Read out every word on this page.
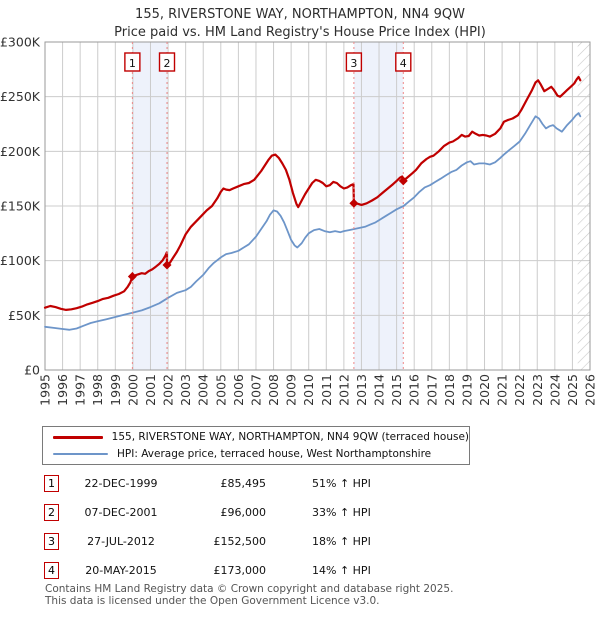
155, RIVERSTONE WAY, NORTHAMPTON, NN4 9QW
Price paid vs. HM Land Registry's House Price Index (HPI)
1	2	3	4
£0
£50K
£100K
£150K
£200K
£250K
£300K
1995 1996 1997 1998 1999 2000 2001 2002 2003 2004 2005 2006 2007 2008 2009 2010 2011 2012 2013 2014 2015 2016 2017 2018 2019 2020 2021 2022 2023 2024 2025 2026
155, RIVERSTONE WAY, NORTHAMPTON, NN4 9QW (terraced house)
HPI: Average price, terraced house, West Northamptonshire
1	22-DEC-1999	£85,495	51% ↑ HPI
2	07-DEC-2001	£96,000	33% ↑ HPI
3	27-JUL-2012	£152,500	18% ↑ HPI
4	20-MAY-2015	£173,000	14% ↑ HPI
Contains HM Land Registry data © Crown copyright and database right 2025.
This data is licensed under the Open Government Licence v3.0.
